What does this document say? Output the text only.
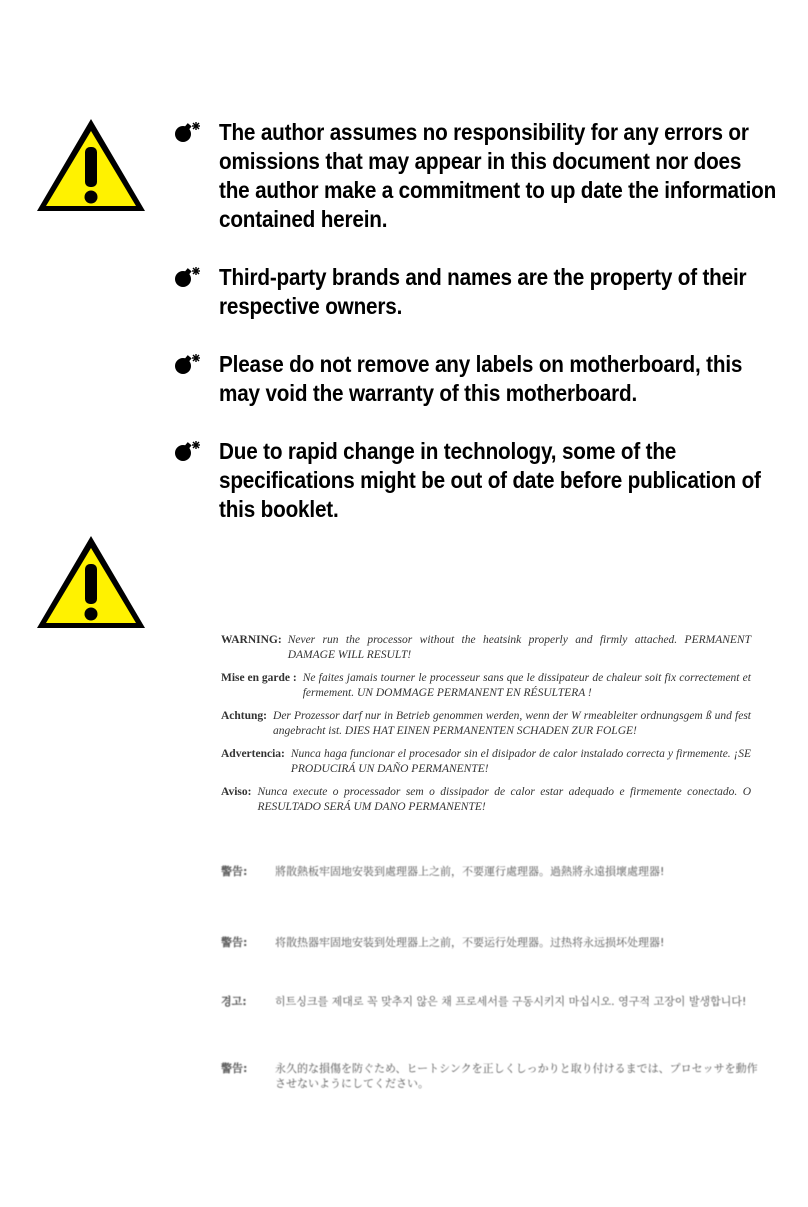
The author assumes no responsibility for any errors or omissions that may appear in this document nor does the author make a commitment to up date the information contained herein.
Third-party brands and names are the property of their respective owners.
Please do not remove any labels on motherboard, this may void the warranty of this motherboard.
Due to rapid change in technology, some of the specifications might be out of date before publication of this booklet.
WARNING: Never run the processor without the heatsink properly and firmly attached. PERMANENT DAMAGE WILL RESULT!
Mise en garde : Ne faites jamais tourner le processeur sans que le dissipateur de chaleur soit fix correctement et fermement. UN DOMMAGE PERMANENT EN RÉSULTERA !
Achtung: Der Prozessor darf nur in Betrieb genommen werden, wenn der W rmeableiter ordnungsgem ß und fest angebracht ist. DIES HAT EINEN PERMANENTEN SCHADEN ZUR FOLGE!
Advertencia: Nunca haga funcionar el procesador sin el disipador de calor instalado correcta y firmemente. ¡SE PRODUCIRÁ UN DAÑO PERMANENTE!
Aviso: Nunca execute o processador sem o dissipador de calor estar adequado e firmemente conectado. O RESULTADO SERÁ UM DANO PERMANENTE!
警告:	將散熱板牢固地安裝到處理器上之前，不要運行處理器。過熱將永遠損壞處理器!
警告:	将散热器牢固地安装到处理器上之前，不要运行处理器。过热将永远损坏处理器!
경고:	히트싱크를 제대로 꼭 맞추지 않은 채 프로세서를 구동시키지 마십시오. 영구적 고장이 발생합니다!
警告:	永久的な損傷を防ぐため、ヒートシンクを正しくしっかりと取り付けるまでは、プロセッサを動作させないようにしてください。
